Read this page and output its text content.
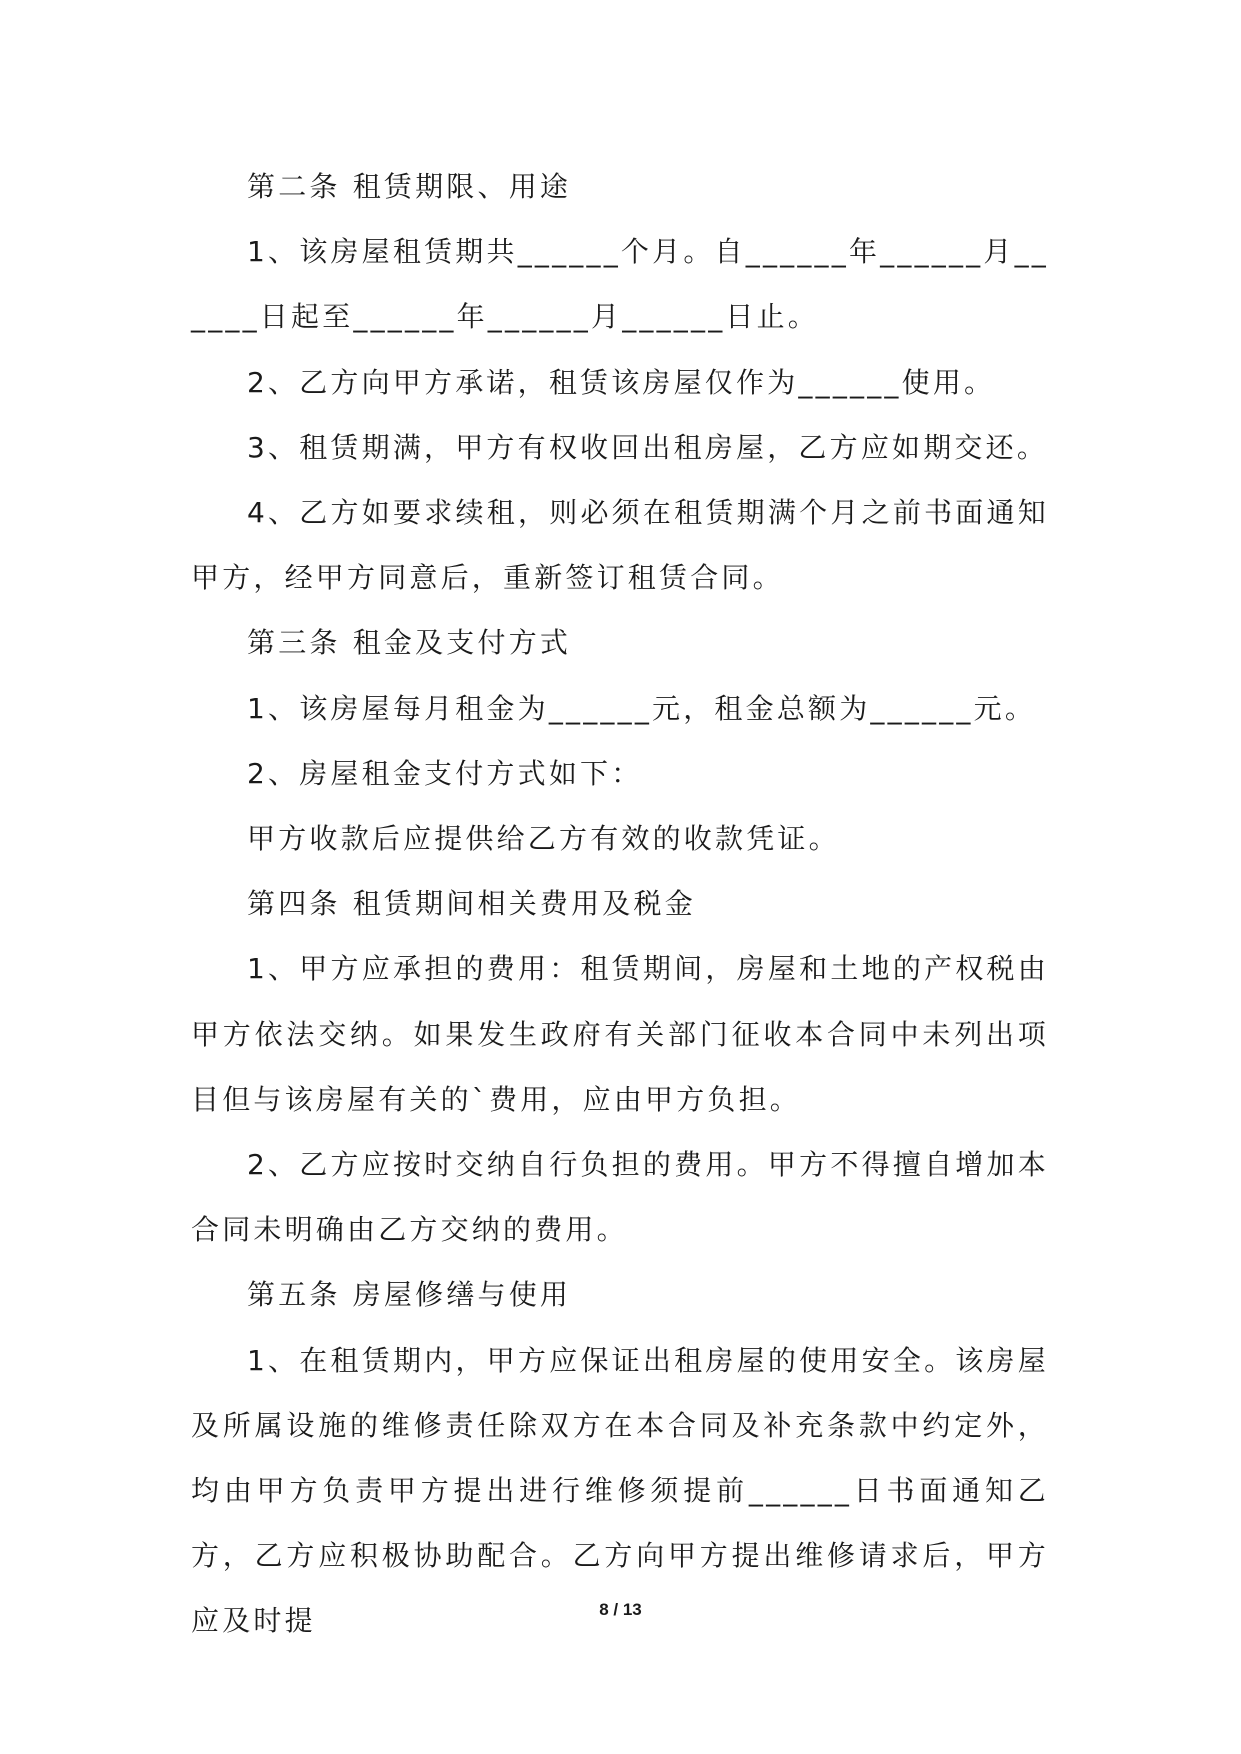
第二条 租赁期限、用途

1、该房屋租赁期共______个月。自______年______月______日起至______年______月______日止。

2、乙方向甲方承诺，租赁该房屋仅作为______使用。

3、租赁期满，甲方有权收回出租房屋，乙方应如期交还。

4、乙方如要求续租，则必须在租赁期满个月之前书面通知甲方，经甲方同意后，重新签订租赁合同。

第三条 租金及支付方式

1、该房屋每月租金为______元，租金总额为______元。

2、房屋租金支付方式如下：

甲方收款后应提供给乙方有效的收款凭证。

第四条 租赁期间相关费用及税金

1、甲方应承担的费用：租赁期间，房屋和土地的产权税由甲方依法交纳。如果发生政府有关部门征收本合同中未列出项目但与该房屋有关的`费用，应由甲方负担。

2、乙方应按时交纳自行负担的费用。甲方不得擅自增加本合同未明确由乙方交纳的费用。

第五条 房屋修缮与使用

1、在租赁期内，甲方应保证出租房屋的使用安全。该房屋及所属设施的维修责任除双方在本合同及补充条款中约定外，均由甲方负责甲方提出进行维修须提前______日书面通知乙方，乙方应积极协助配合。乙方向甲方提出维修请求后，甲方应及时提	8 / 13
